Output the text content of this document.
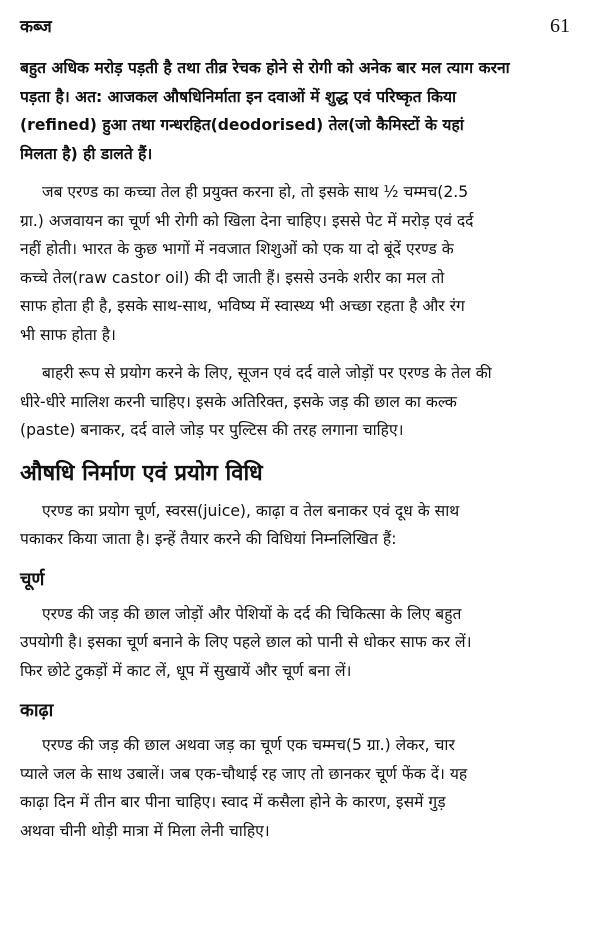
कब्ज	61

बहुत अधिक मरोड़ पड़ती है तथा तीव्र रेचक होने से रोगी को अनेक बार मल त्याग करना
पड़ता है। अत: आजकल औषधिनिर्माता इन दवाओं में शुद्ध एवं परिष्कृत किया
(refined) हुआ तथा गन्धरहित(deodorised) तेल(जो कैमिस्टों के यहां
मिलता है) ही डालते हैं।

जब एरण्ड का कच्चा तेल ही प्रयुक्त करना हो, तो इसके साथ ½ चम्मच(2.5
ग्रा.) अजवायन का चूर्ण भी रोगी को खिला देना चाहिए। इससे पेट में मरोड़ एवं दर्द
नहीं होती। भारत के कुछ भागों में नवजात शिशुओं को एक या दो बूंदें एरण्ड के
कच्चे तेल(raw castor oil) की दी जाती हैं। इससे उनके शरीर का मल तो
साफ होता ही है, इसके साथ-साथ, भविष्य में स्वास्थ्य भी अच्छा रहता है और रंग
भी साफ होता है।

बाहरी रूप से प्रयोग करने के लिए, सूजन एवं दर्द वाले जोड़ों पर एरण्ड के तेल की
धीरे-धीरे मालिश करनी चाहिए। इसके अतिरिक्त, इसके जड़ की छाल का कल्क
(paste) बनाकर, दर्द वाले जोड़ पर पुल्टिस की तरह लगाना चाहिए।

औषधि निर्माण एवं प्रयोग विधि

एरण्ड का प्रयोग चूर्ण, स्वरस(juice), काढ़ा व तेल बनाकर एवं दूध के साथ
पकाकर किया जाता है। इन्हें तैयार करने की विधियां निम्नलिखित हैं:

चूर्ण

एरण्ड की जड़ की छाल जोड़ों और पेशियों के दर्द की चिकित्सा के लिए बहुत
उपयोगी है। इसका चूर्ण बनाने के लिए पहले छाल को पानी से धोकर साफ कर लें।
फिर छोटे टुकड़ों में काट लें, धूप में सुखायें और चूर्ण बना लें।

काढ़ा

एरण्ड की जड़ की छाल अथवा जड़ का चूर्ण एक चम्मच(5 ग्रा.) लेकर, चार
प्याले जल के साथ उबालें। जब एक-चौथाई रह जाए तो छानकर चूर्ण फेंक दें। यह
काढ़ा दिन में तीन बार पीना चाहिए। स्वाद में कसैला होने के कारण, इसमें गुड़
अथवा चीनी थोड़ी मात्रा में मिला लेनी चाहिए।
